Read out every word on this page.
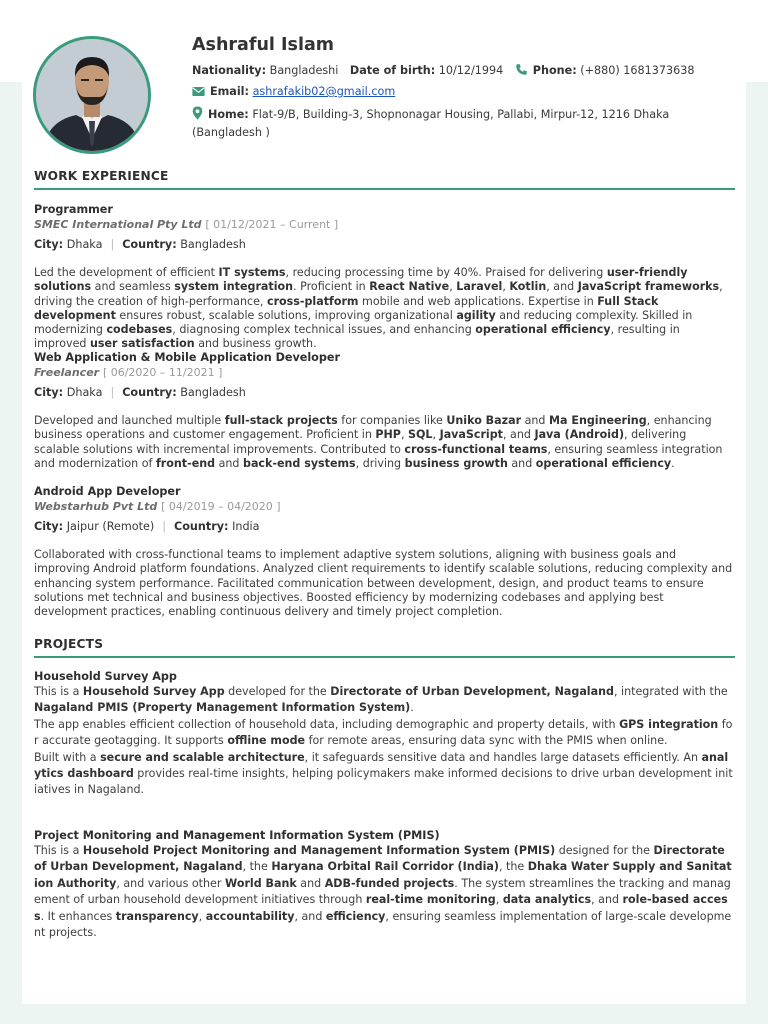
Ashraful Islam
Nationality: Bangladeshi Date of birth: 10/12/1994	Phone: (+880) 1681373638
Email: ashrafakib02@gmail.com
Home: Flat-9/B, Building-3, Shopnonagar Housing, Pallabi, Mirpur-12, 1216 Dhaka (Bangladesh )
WORK EXPERIENCE
Programmer
SMEC International Pty Ltd [ 01/12/2021 – Current ]
City: Dhaka | Country: Bangladesh
Led the development of efficient IT systems, reducing processing time by 40%. Praised for delivering user-friendly solutions and seamless system integration. Proficient in React Native, Laravel, Kotlin, and JavaScript frameworks, driving the creation of high-performance, cross-platform mobile and web applications. Expertise in Full Stack development ensures robust, scalable solutions, improving organizational agility and reducing complexity. Skilled in modernizing codebases, diagnosing complex technical issues, and enhancing operational efficiency, resulting in improved user satisfaction and business growth.
Web Application & Mobile Application Developer
Freelancer [ 06/2020 – 11/2021 ]
City: Dhaka | Country: Bangladesh
Developed and launched multiple full-stack projects for companies like Uniko Bazar and Ma Engineering, enhancing business operations and customer engagement. Proficient in PHP, SQL, JavaScript, and Java (Android), delivering scalable solutions with incremental improvements. Contributed to cross-functional teams, ensuring seamless integration and modernization of front-end and back-end systems, driving business growth and operational efficiency.
Android App Developer
Webstarhub Pvt Ltd [ 04/2019 – 04/2020 ]
City: Jaipur (Remote) | Country: India
Collaborated with cross-functional teams to implement adaptive system solutions, aligning with business goals and improving Android platform foundations. Analyzed client requirements to identify scalable solutions, reducing complexity and enhancing system performance. Facilitated communication between development, design, and product teams to ensure solutions met technical and business objectives. Boosted efficiency by modernizing codebases and applying best development practices, enabling continuous delivery and timely project completion.
PROJECTS
Household Survey App
This is a Household Survey App developed for the Directorate of Urban Development, Nagaland, integrated with the Nagaland PMIS (Property Management Information System).
The app enables efficient collection of household data, including demographic and property details, with GPS integration for accurate geotagging. It supports offline mode for remote areas, ensuring data sync with the PMIS when online.
Built with a secure and scalable architecture, it safeguards sensitive data and handles large datasets efficiently. An analytics dashboard provides real-time insights, helping policymakers make informed decisions to drive urban development initiatives in Nagaland.
Project Monitoring and Management Information System (PMIS)
This is a Household Project Monitoring and Management Information System (PMIS) designed for the Directorate of Urban Development, Nagaland, the Haryana Orbital Rail Corridor (India), the Dhaka Water Supply and Sanitation Authority, and various other World Bank and ADB-funded projects. The system streamlines the tracking and management of urban household development initiatives through real-time monitoring, data analytics, and role-based access. It enhances transparency, accountability, and efficiency, ensuring seamless implementation of large-scale development projects.
